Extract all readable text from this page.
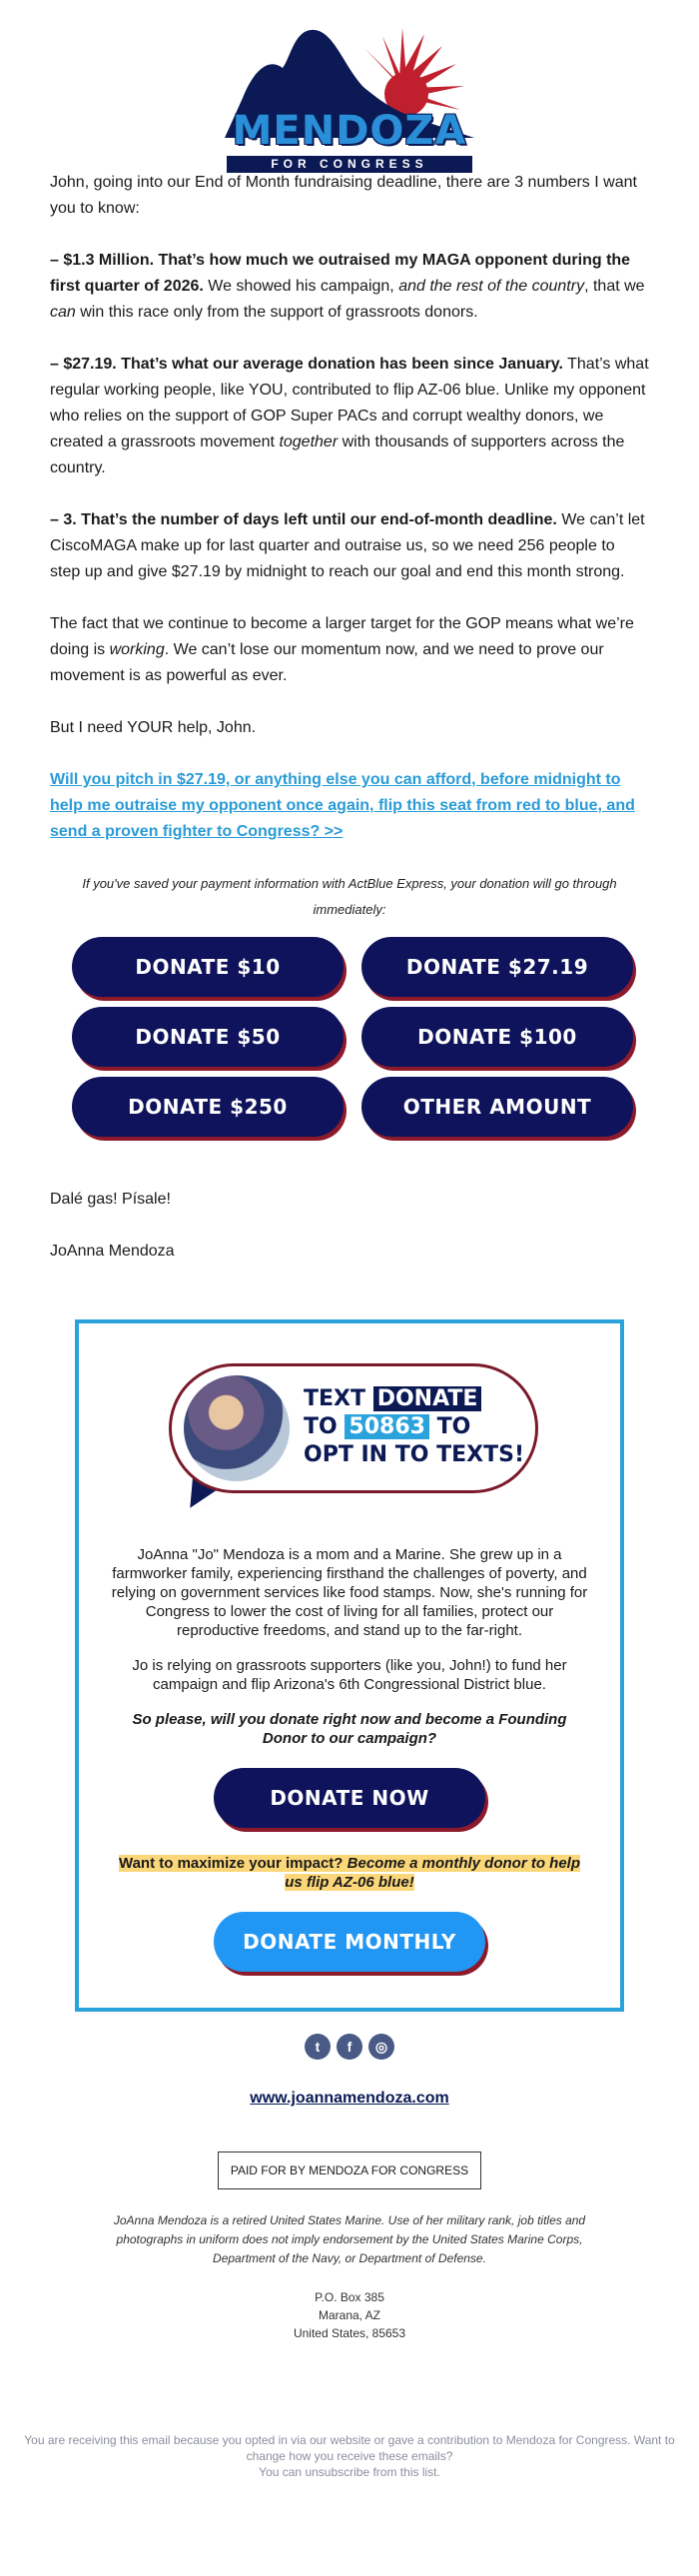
MENDOZA
FOR CONGRESS

John, going into our End of Month fundraising deadline, there are 3 numbers I want you to know:

– $1.3 Million. That’s how much we outraised my MAGA opponent during the first quarter of 2026. We showed his campaign, and the rest of the country, that we can win this race only from the support of grassroots donors.

– $27.19. That’s what our average donation has been since January. That’s what regular working people, like YOU, contributed to flip AZ-06 blue. Unlike my opponent who relies on the support of GOP Super PACs and corrupt wealthy donors, we created a grassroots movement together with thousands of supporters across the country.

– 3. That’s the number of days left until our end-of-month deadline. We can’t let CiscoMAGA make up for last quarter and outraise us, so we need 256 people to step up and give $27.19 by midnight to reach our goal and end this month strong.

The fact that we continue to become a larger target for the GOP means what we’re doing is working. We can’t lose our momentum now, and we need to prove our movement is as powerful as ever.

But I need YOUR help, John.

Will you pitch in $27.19, or anything else you can afford, before midnight to help me outraise my opponent once again, flip this seat from red to blue, and send a proven fighter to Congress? >>

If you've saved your payment information with ActBlue Express, your donation will go through immediately:
DONATE $10	DONATE $27.19
DONATE $50	DONATE $100
DONATE $250	OTHER AMOUNT

Dalé gas! Písale!

JoAnna Mendoza

TEXT DONATE
TO 50863 TO
OPT IN TO TEXTS!

JoAnna "Jo" Mendoza is a mom and a Marine. She grew up in a farmworker family, experiencing firsthand the challenges of poverty, and relying on government services like food stamps. Now, she's running for Congress to lower the cost of living for all families, protect our reproductive freedoms, and stand up to the far-right.

Jo is relying on grassroots supporters (like you, John!) to fund her campaign and flip Arizona's 6th Congressional District blue.

So please, will you donate right now and become a Founding Donor to our campaign?

DONATE NOW

Want to maximize your impact? Become a monthly donor to help us flip AZ-06 blue!

DONATE MONTHLY
t	f	◎
www.joannamendoza.com
PAID FOR BY MENDOZA FOR CONGRESS
JoAnna Mendoza is a retired United States Marine. Use of her military rank, job titles and photographs in uniform does not imply endorsement by the United States Marine Corps, Department of the Navy, or Department of Defense.
P.O. Box 385
Marana, AZ
United States, 85653
You are receiving this email because you opted in via our website or gave a contribution to Mendoza for Congress. Want to change how you receive these emails?
You can unsubscribe from this list.
